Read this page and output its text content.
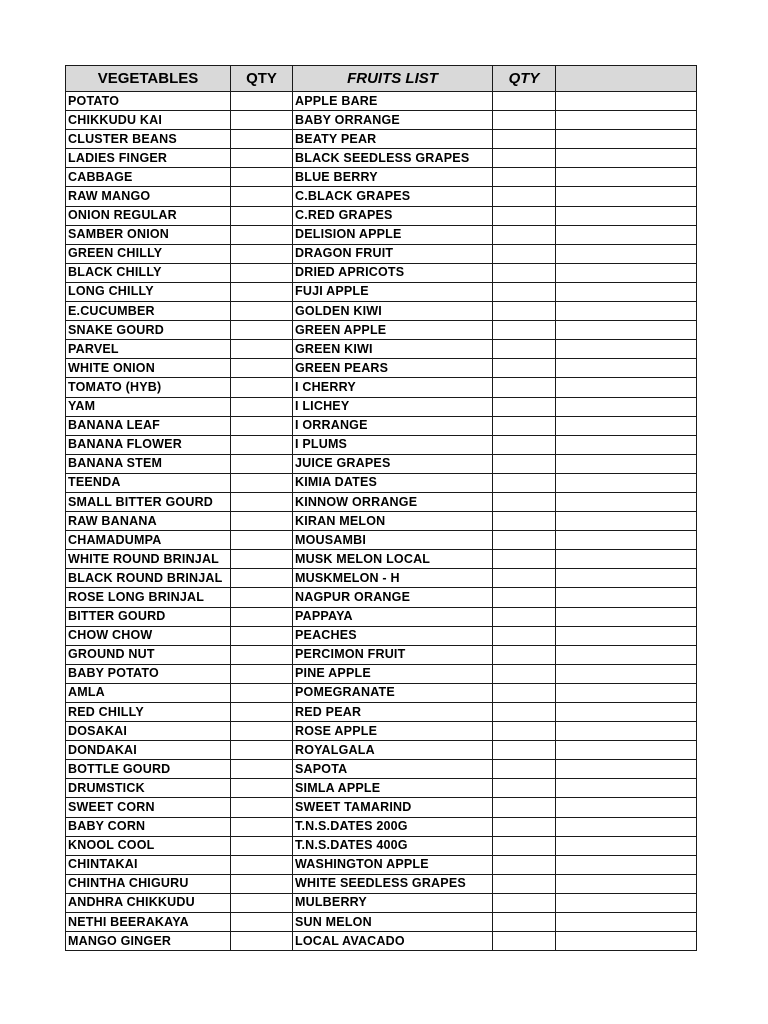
VEGETABLES	QTY	FRUITS LIST	QTY	
POTATO		APPLE BARE		
CHIKKUDU KAI		BABY ORRANGE		
CLUSTER BEANS		BEATY PEAR		
LADIES FINGER		BLACK SEEDLESS GRAPES		
CABBAGE		BLUE BERRY		
RAW MANGO		C.BLACK GRAPES		
ONION REGULAR		C.RED GRAPES		
SAMBER ONION		DELISION APPLE		
GREEN CHILLY		DRAGON FRUIT		
BLACK CHILLY		DRIED APRICOTS		
LONG CHILLY		FUJI APPLE		
E.CUCUMBER		GOLDEN KIWI		
SNAKE GOURD		GREEN APPLE		
PARVEL		GREEN KIWI		
WHITE ONION		GREEN PEARS		
TOMATO (HYB)		I CHERRY		
YAM		I LICHEY		
BANANA LEAF		I ORRANGE		
BANANA FLOWER		I PLUMS		
BANANA STEM		JUICE GRAPES		
TEENDA		KIMIA DATES		
SMALL BITTER GOURD		KINNOW ORRANGE		
RAW BANANA		KIRAN MELON		
CHAMADUMPA		MOUSAMBI		
WHITE ROUND BRINJAL		MUSK MELON LOCAL		
BLACK ROUND BRINJAL		MUSKMELON - H		
ROSE LONG BRINJAL		NAGPUR ORANGE		
BITTER GOURD		PAPPAYA		
CHOW CHOW		PEACHES		
GROUND NUT		PERCIMON FRUIT		
BABY POTATO		PINE APPLE		
AMLA		POMEGRANATE		
RED CHILLY		RED PEAR		
DOSAKAI		ROSE APPLE		
DONDAKAI		ROYALGALA		
BOTTLE GOURD		SAPOTA		
DRUMSTICK		SIMLA APPLE		
SWEET CORN		SWEET TAMARIND		
BABY CORN		T.N.S.DATES 200G		
KNOOL COOL		T.N.S.DATES 400G		
CHINTAKAI		WASHINGTON APPLE		
CHINTHA CHIGURU		WHITE SEEDLESS GRAPES		
ANDHRA CHIKKUDU		MULBERRY		
NETHI BEERAKAYA		SUN MELON		
MANGO GINGER		LOCAL AVACADO		
